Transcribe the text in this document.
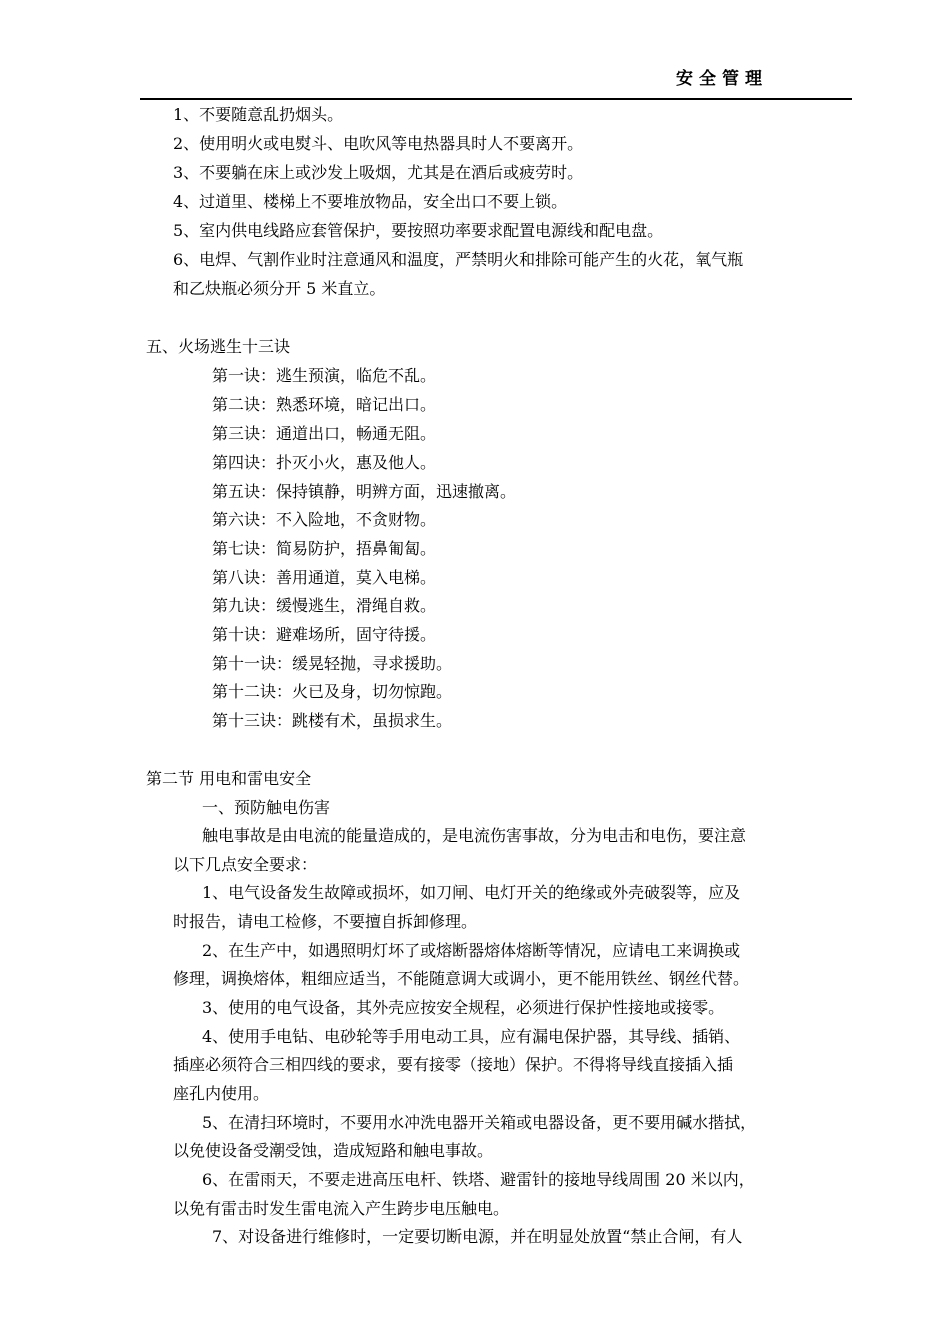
安全管理
1、不要随意乱扔烟头。
2、使用明火或电熨斗、电吹风等电热器具时人不要离开。
3、不要躺在床上或沙发上吸烟，尤其是在酒后或疲劳时。
4、过道里、楼梯上不要堆放物品，安全出口不要上锁。
5、室内供电线路应套管保护，要按照功率要求配置电源线和配电盘。
6、电焊、气割作业时注意通风和温度，严禁明火和排除可能产生的火花，氧气瓶
和乙炔瓶必须分开 5 米直立。
五、火场逃生十三诀
第一诀：逃生预演，临危不乱。
第二诀：熟悉环境，暗记出口。
第三诀：通道出口，畅通无阻。
第四诀：扑灭小火，惠及他人。
第五诀：保持镇静，明辨方面，迅速撤离。
第六诀：不入险地，不贪财物。
第七诀：简易防护，捂鼻匍匐。
第八诀：善用通道，莫入电梯。
第九诀：缓慢逃生，滑绳自救。
第十诀：避难场所，固守待援。
第十一诀：缓晃轻抛，寻求援助。
第十二诀：火已及身，切勿惊跑。
第十三诀：跳楼有术，虽损求生。
第二节 用电和雷电安全
一、预防触电伤害
触电事故是由电流的能量造成的，是电流伤害事故，分为电击和电伤，要注意
以下几点安全要求：
1、电气设备发生故障或损坏，如刀闸、电灯开关的绝缘或外壳破裂等，应及
时报告，请电工检修，不要擅自拆卸修理。
2、在生产中，如遇照明灯坏了或熔断器熔体熔断等情况，应请电工来调换或
修理，调换熔体，粗细应适当，不能随意调大或调小，更不能用铁丝、钢丝代替。
3、使用的电气设备，其外壳应按安全规程，必须进行保护性接地或接零。
4、使用手电钻、电砂轮等手用电动工具，应有漏电保护器，其导线、插销、
插座必须符合三相四线的要求，要有接零（接地）保护。不得将导线直接插入插
座孔内使用。
5、在清扫环境时，不要用水冲洗电器开关箱或电器设备，更不要用碱水揩拭，
以免使设备受潮受蚀，造成短路和触电事故。
6、在雷雨天，不要走进高压电杆、铁塔、避雷针的接地导线周围 20 米以内，
以免有雷击时发生雷电流入产生跨步电压触电。
7、对设备进行维修时，一定要切断电源，并在明显处放置“禁止合闸，有人
